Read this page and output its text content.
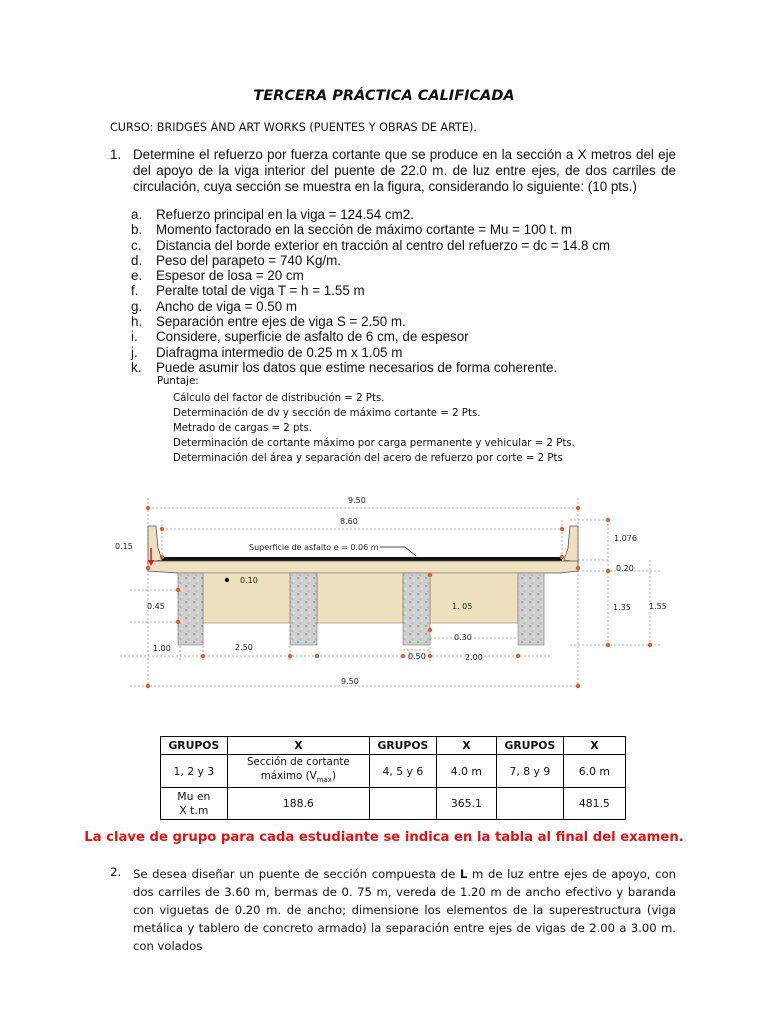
TERCERA PRÁCTICA CALIFICADA
CURSO: BRIDGES AND ART WORKS (PUENTES Y OBRAS DE ARTE).
1. Determine el refuerzo por fuerza cortante que se produce en la sección a X metros del eje del apoyo de la viga interior del puente de 22.0 m. de luz entre ejes, de dos carriles de circulación, cuya sección se muestra en la figura, considerando lo siguiente: (10 pts.)
a.	Refuerzo principal en la viga = 124.54 cm2.
b.	Momento factorado en la sección de máximo cortante = Mu = 100 t. m
c.	Distancia del borde exterior en tracción al centro del refuerzo = dc = 14.8 cm
d.	Peso del parapeto = 740 Kg/m.
e.	Espesor de losa = 20 cm
f.	Peralte total de viga T = h = 1.55 m
g.	Ancho de viga = 0.50 m
h.	Separación entre ejes de viga S = 2.50 m.
i.	Considere, superficie de asfalto de 6 cm, de espesor
j.	Diafragma intermedio de 0.25 m x 1.05 m
k.	Puede asumir los datos que estime necesarios de forma coherente.
Puntaje:
Cálculo del factor de distribución = 2 Pts.
Determinación de dv y sección de máximo cortante = 2 Pts.
Metrado de cargas = 2 pts.
Determinación de cortante máximo por carga permanente y vehicular = 2 Pts.
Determinación del área y separación del acero de refuerzo por corte = 2 Pts
9.50
8.60
Superficie de asfalto e = 0.06 m
0.15
0.10
0.45	1. 05
0.30
1.00	2.50
0.50	2.00
1.076
0.20
1.35 1.55
9.50
GRUPOS	X	GRUPOS	X	GRUPOS	X
1, 2 y 3	Sección de cortante máximo $(V_{max})$	4, 5 y 6	4.0 m	7, 8 y 9	6.0 m
Mu en X t.m	188.6		365.1		481.5
La clave de grupo para cada estudiante se indica en la tabla al final del examen.
2. Se desea diseñar un puente de sección compuesta de L m de luz entre ejes de apoyo, con dos carriles de 3.60 m, bermas de 0. 75 m, vereda de 1.20 m de ancho efectivo y baranda con viguetas de 0.20 m. de ancho; dimensione los elementos de la superestructura (viga metálica y tablero de concreto armado) la separación entre ejes de vigas de 2.00 a 3.00 m. con volados
